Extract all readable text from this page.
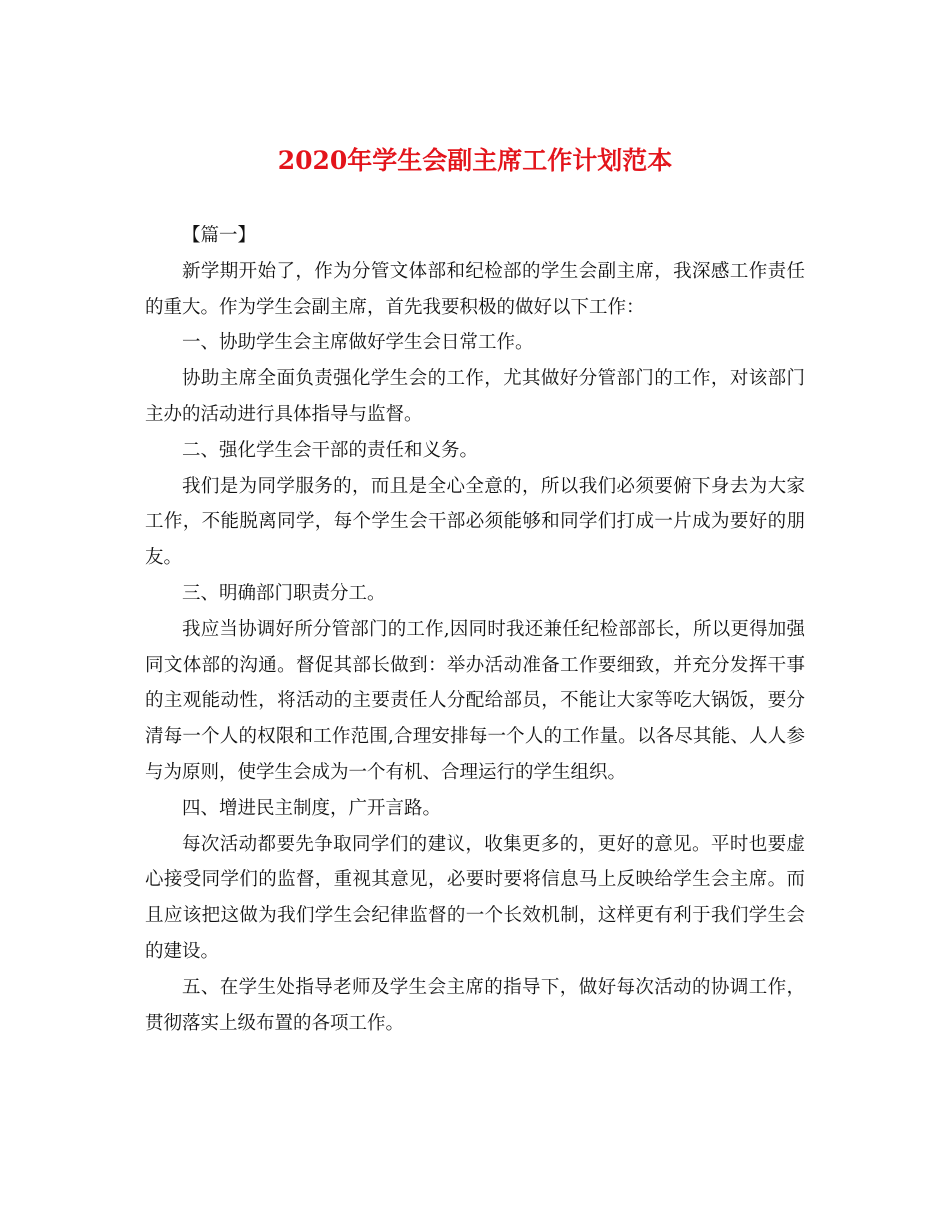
2020年学生会副主席工作计划范本

【篇一】

新学期开始了，作为分管文体部和纪检部的学生会副主席，我深感工作责任的重大。作为学生会副主席，首先我要积极的做好以下工作：

一、协助学生会主席做好学生会日常工作。

协助主席全面负责强化学生会的工作，尤其做好分管部门的工作，对该部门主办的活动进行具体指导与监督。

二、强化学生会干部的责任和义务。

我们是为同学服务的，而且是全心全意的，所以我们必须要俯下身去为大家工作，不能脱离同学，每个学生会干部必须能够和同学们打成一片成为要好的朋友。

三、明确部门职责分工。

我应当协调好所分管部门的工作,因同时我还兼任纪检部部长，所以更得加强同文体部的沟通。督促其部长做到：举办活动准备工作要细致，并充分发挥干事的主观能动性，将活动的主要责任人分配给部员，不能让大家等吃大锅饭，要分清每一个人的权限和工作范围,合理安排每一个人的工作量。以各尽其能、人人参与为原则，使学生会成为一个有机、合理运行的学生组织。

四、增进民主制度，广开言路。

每次活动都要先争取同学们的建议，收集更多的，更好的意见。平时也要虚心接受同学们的监督，重视其意见，必要时要将信息马上反映给学生会主席。而且应该把这做为我们学生会纪律监督的一个长效机制，这样更有利于我们学生会的建设。

五、在学生处指导老师及学生会主席的指导下，做好每次活动的协调工作，贯彻落实上级布置的各项工作。
